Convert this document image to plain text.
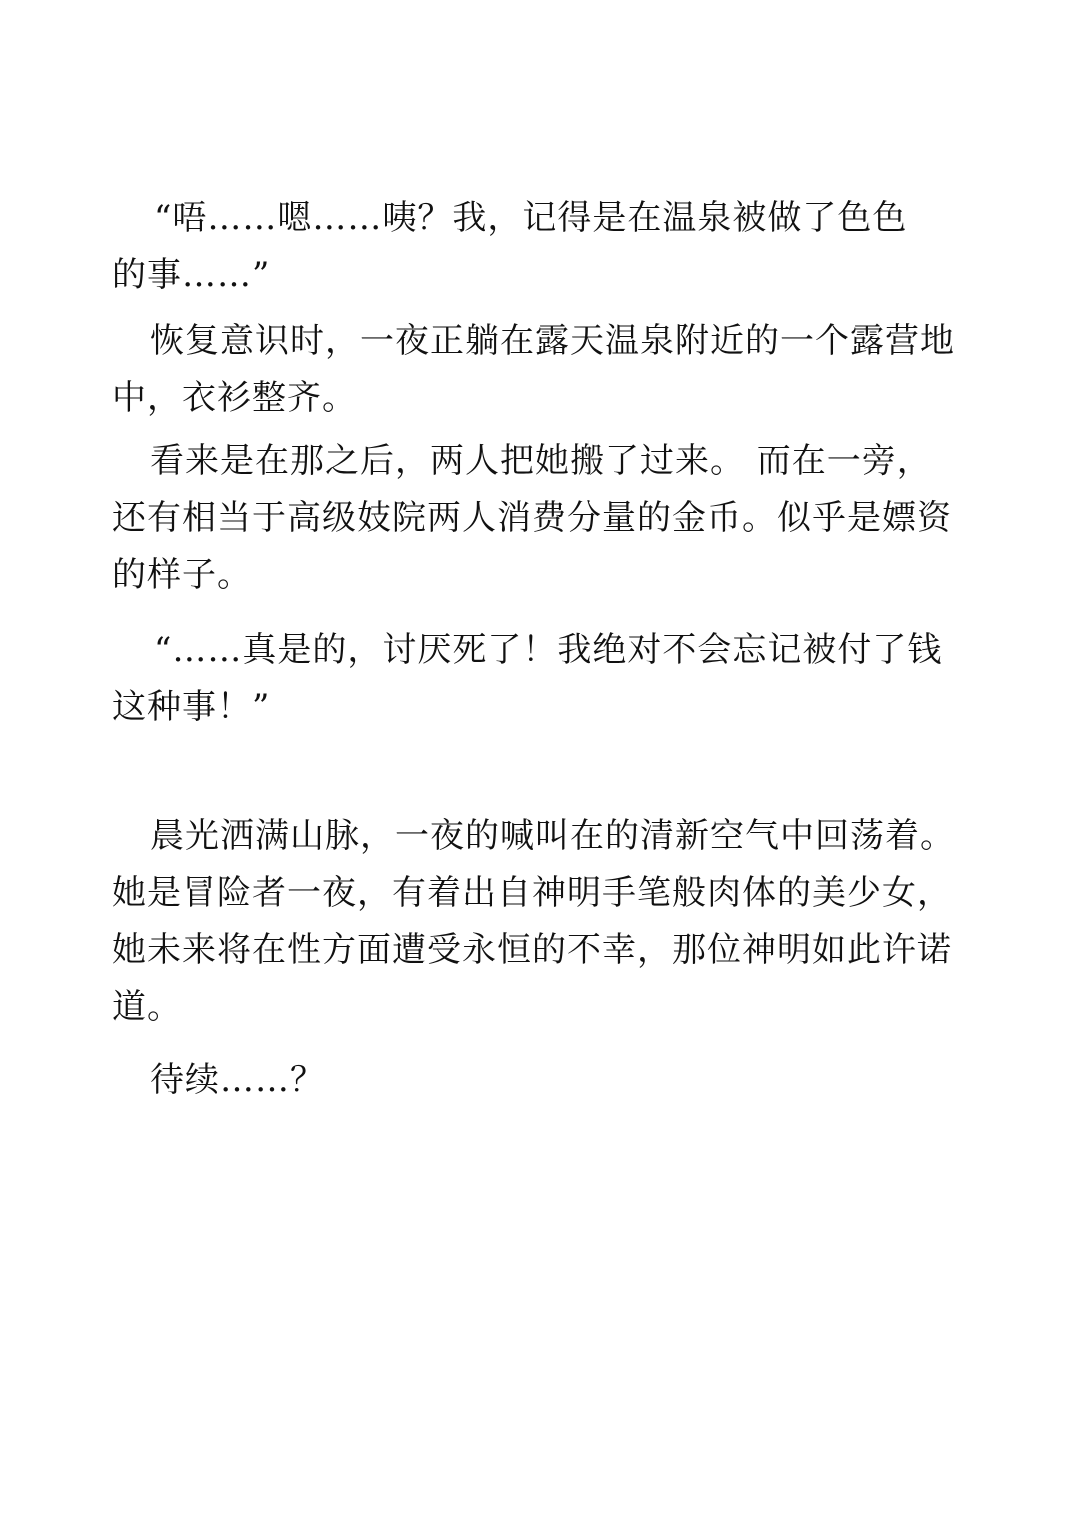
“唔……嗯……咦？我，记得是在温泉被做了色色的事……”

恢复意识时，一夜正躺在露天温泉附近的一个露营地中，衣衫整齐。

看来是在那之后，两人把她搬了过来。 而在一旁，还有相当于高级妓院两人消费分量的金币。似乎是嫖资的样子。

“……真是的，讨厌死了！我绝对不会忘记被付了钱这种事！”

晨光洒满山脉，一夜的喊叫在的清新空气中回荡着。她是冒险者一夜，有着出自神明手笔般肉体的美少女，她未来将在性方面遭受永恒的不幸，那位神明如此许诺道。

待续……？
